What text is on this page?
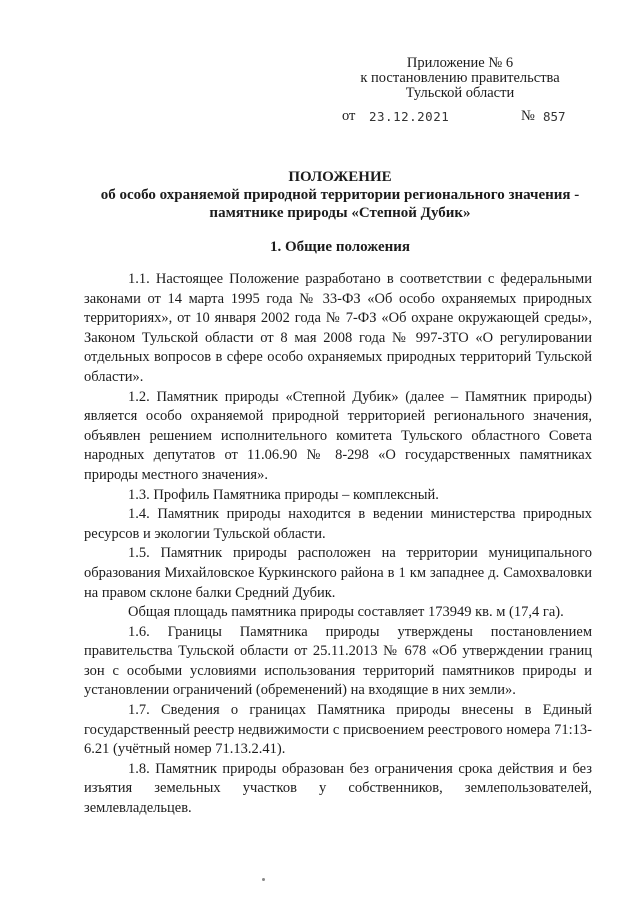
Приложение № 6
к постановлению правительства
Тульской области
от 23.12.2021	№ 857
ПОЛОЖЕНИЕ
об особо охраняемой природной территории регионального значения -
памятнике природы «Степной Дубик»
1. Общие положения

1.1. Настоящее Положение разработано в соответствии с федеральными законами от 14 марта 1995 года № 33-ФЗ «Об особо охраняемых природных территориях», от 10 января 2002 года № 7-ФЗ «Об охране окружающей среды», Законом Тульской области от 8 мая 2008 года № 997-ЗТО «О регулировании отдельных вопросов в сфере особо охраняемых природных территорий Тульской области».

1.2. Памятник природы «Степной Дубик» (далее – Памятник природы) является особо охраняемой природной территорией регионального значения, объявлен решением исполнительного комитета Тульского областного Совета народных депутатов от 11.06.90 № 8-298 «О государственных памятниках природы местного значения».

1.3. Профиль Памятника природы – комплексный.

1.4. Памятник природы находится в ведении министерства природных ресурсов и экологии Тульской области.

1.5. Памятник природы расположен на территории муниципального образования Михайловское Куркинского района в 1 км западнее д. Самохваловки на правом склоне балки Средний Дубик.

Общая площадь памятника природы составляет 173949 кв. м (17,4 га).

1.6. Границы Памятника природы утверждены постановлением правительства Тульской области от 25.11.2013 № 678 «Об утверждении границ зон с особыми условиями использования территорий памятников природы и установлении ограничений (обременений) на входящие в них земли».

1.7. Сведения о границах Памятника природы внесены в Единый государственный реестр недвижимости с присвоением реестрового номера 71:13-6.21 (учётный номер 71.13.2.41).

1.8. Памятник природы образован без ограничения срока действия и без изъятия земельных участков у собственников, землепользователей, землевладельцев.
